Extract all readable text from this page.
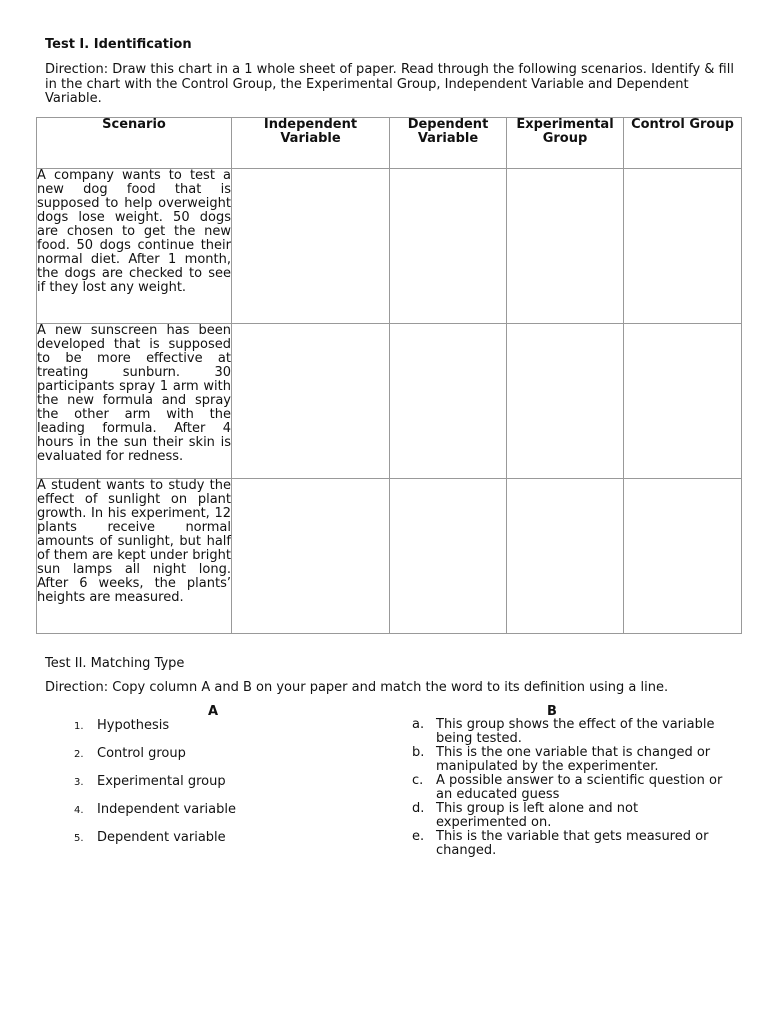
Test I. Identification
Direction: Draw this chart in a 1 whole sheet of paper. Read through the following scenarios. Identify & fill in the chart with the Control Group, the Experimental Group, Independent Variable and Dependent Variable.
Scenario	Independent Variable	Dependent Variable	Experimental Group	Control Group
A company wants to test a new dog food that is supposed to help overweight dogs lose weight. 50 dogs are chosen to get the new food. 50 dogs continue their normal diet. After 1 month, the dogs are checked to see if they lost any weight.				
A new sunscreen has been developed that is supposed to be more effective at treating sunburn. 30 participants spray 1 arm with the new formula and spray the other arm with the leading formula. After 4 hours in the sun their skin is evaluated for redness.				
A student wants to study the effect of sunlight on plant growth. In his experiment, 12 plants receive normal amounts of sunlight, but half of them are kept under bright sun lamps all night long. After 6 weeks, the plants’ heights are measured.				
Test II. Matching Type
Direction: Copy column A and B on your paper and match the word to its definition using a line.
A	B
1. Hypothesis
2. Control group
3. Experimental group
4. Independent variable
5. Dependent variable
a. This group shows the effect of the variable being tested.
b. This is the one variable that is changed or manipulated by the experimenter.
c. A possible answer to a scientific question or an educated guess
d. This group is left alone and not experimented on.
e. This is the variable that gets measured or changed.
